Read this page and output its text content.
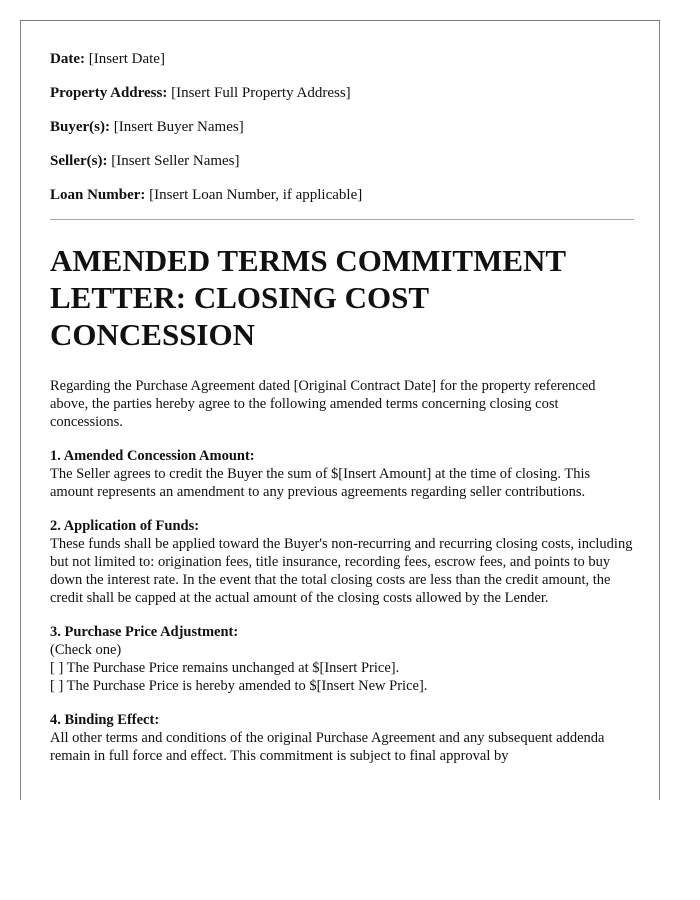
Date: [Insert Date]
Property Address: [Insert Full Property Address]
Buyer(s): [Insert Buyer Names]
Seller(s): [Insert Seller Names]
Loan Number: [Insert Loan Number, if applicable]
AMENDED TERMS COMMITMENT LETTER: CLOSING COST CONCESSION

Regarding the Purchase Agreement dated [Original Contract Date] for the property referenced above, the parties hereby agree to the following amended terms concerning closing cost concessions.

1. Amended Concession Amount:
The Seller agrees to credit the Buyer the sum of $[Insert Amount] at the time of closing. This amount represents an amendment to any previous agreements regarding seller contributions.
2. Application of Funds:
These funds shall be applied toward the Buyer's non-recurring and recurring closing costs, including but not limited to: origination fees, title insurance, recording fees, escrow fees, and points to buy down the interest rate. In the event that the total closing costs are less than the credit amount, the credit shall be capped at the actual amount of the closing costs allowed by the Lender.
3. Purchase Price Adjustment:
(Check one)
[ ] The Purchase Price remains unchanged at $[Insert Price].
[ ] The Purchase Price is hereby amended to $[Insert New Price].
4. Binding Effect:
All other terms and conditions of the original Purchase Agreement and any subsequent addenda remain in full force and effect. This commitment is subject to final approval by
